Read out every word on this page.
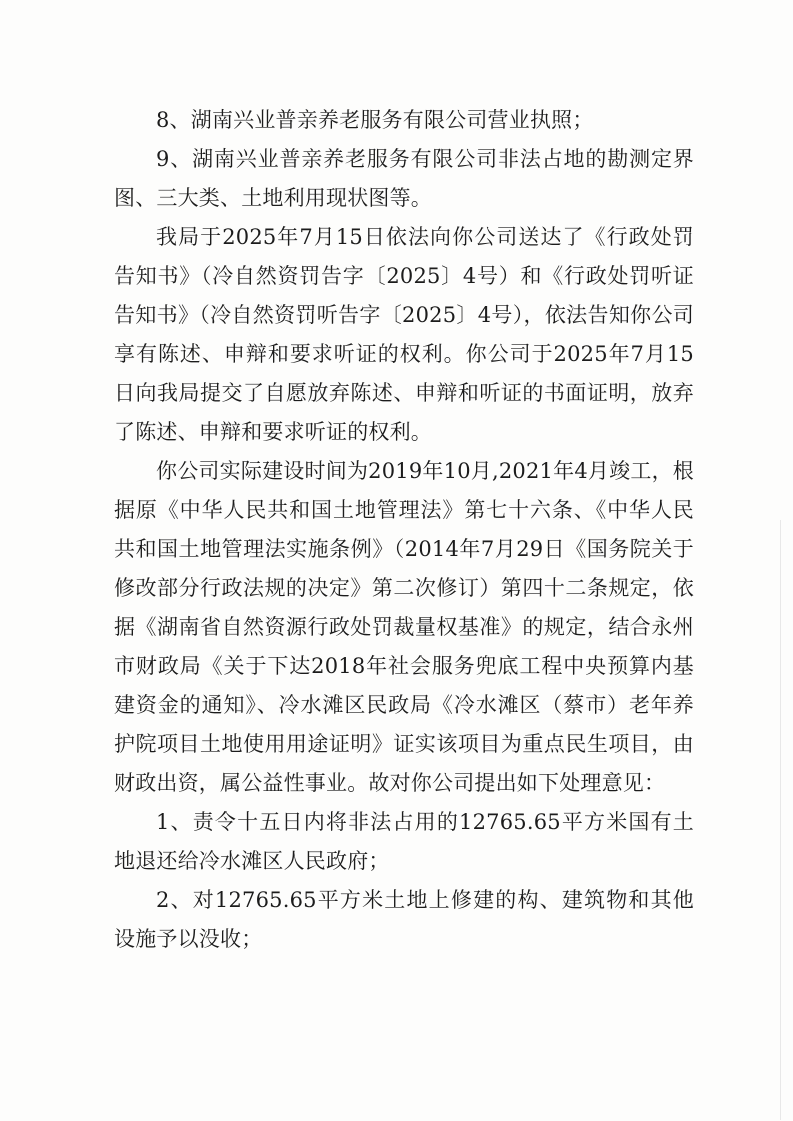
8、湖南兴业普亲养老服务有限公司营业执照；

9、湖南兴业普亲养老服务有限公司非法占地的勘测定界图、三大类、土地利用现状图等。

我局于2025年7月15日依法向你公司送达了《行政处罚告知书》（冷自然资罚告字〔2025〕4号）和《行政处罚听证告知书》（冷自然资罚听告字〔2025〕4号），依法告知你公司享有陈述、申辩和要求听证的权利。你公司于2025年7月15日向我局提交了自愿放弃陈述、申辩和听证的书面证明，放弃了陈述、申辩和要求听证的权利。

你公司实际建设时间为2019年10月,2021年4月竣工，根据原《中华人民共和国土地管理法》第七十六条、《中华人民共和国土地管理法实施条例》（2014年7月29日《国务院关于修改部分行政法规的决定》第二次修订）第四十二条规定，依据《湖南省自然资源行政处罚裁量权基准》的规定，结合永州市财政局《关于下达2018年社会服务兜底工程中央预算内基建资金的通知》、冷水滩区民政局《冷水滩区（蔡市）老年养护院项目土地使用用途证明》证实该项目为重点民生项目，由财政出资，属公益性事业。故对你公司提出如下处理意见：

1、责令十五日内将非法占用的12765.65平方米国有土地退还给冷水滩区人民政府；

2、对12765.65平方米土地上修建的构、建筑物和其他设施予以没收；
